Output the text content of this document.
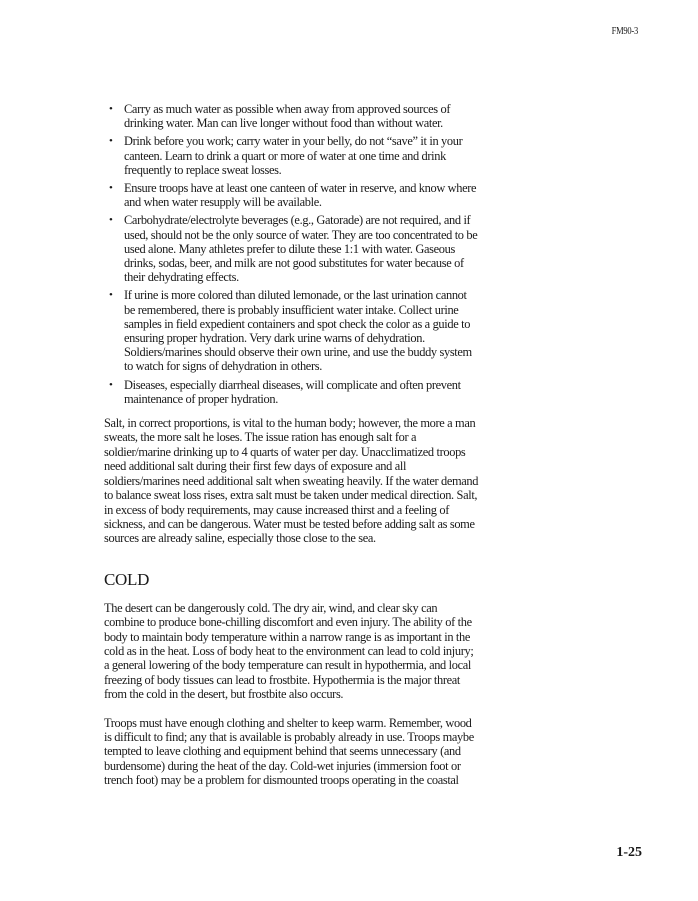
FM90-3
• Carry as much water as possible when away from approved sources of drinking water. Man can live longer without food than without water.
• Drink before you work; carry water in your belly, do not “save” it in your canteen. Learn to drink a quart or more of water at one time and drink frequently to replace sweat losses.
• Ensure troops have at least one canteen of water in reserve, and know where and when water resupply will be available.
• Carbohydrate/electrolyte beverages (e.g., Gatorade) are not required, and if used, should not be the only source of water. They are too concentrated to be used alone. Many athletes prefer to dilute these 1:1 with water. Gaseous drinks, sodas, beer, and milk are not good substitutes for water because of their dehydrating effects.
• If urine is more colored than diluted lemonade, or the last urination cannot be remembered, there is probably insufficient water intake. Collect urine samples in field expedient containers and spot check the color as a guide to ensuring proper hydration. Very dark urine warns of dehydration. Soldiers/marines should observe their own urine, and use the buddy system to watch for signs of dehydration in others.
• Diseases, especially diarrheal diseases, will complicate and often prevent maintenance of proper hydration.

Salt, in correct proportions, is vital to the human body; however, the more a man sweats, the more salt he loses. The issue ration has enough salt for a soldier/marine drinking up to 4 quarts of water per day. Unacclimatized troops need additional salt during their first few days of exposure and all soldiers/marines need additional salt when sweating heavily. If the water demand to balance sweat loss rises, extra salt must be taken under medical direction. Salt, in excess of body requirements, may cause increased thirst and a feeling of sickness, and can be dangerous. Water must be tested before adding salt as some sources are already saline, especially those close to the sea.

COLD

The desert can be dangerously cold. The dry air, wind, and clear sky can combine to produce bone-chilling discomfort and even injury. The ability of the body to maintain body temperature within a narrow range is as important in the cold as in the heat. Loss of body heat to the environment can lead to cold injury; a general lowering of the body temperature can result in hypothermia, and local freezing of body tissues can lead to frostbite. Hypothermia is the major threat from the cold in the desert, but frostbite also occurs.

Troops must have enough clothing and shelter to keep warm. Remember, wood is difficult to find; any that is available is probably already in use. Troops maybe tempted to leave clothing and equipment behind that seems unnecessary (and burdensome) during the heat of the day. Cold-wet injuries (immersion foot or trench foot) may be a problem for dismounted troops operating in the coastal

1-25
